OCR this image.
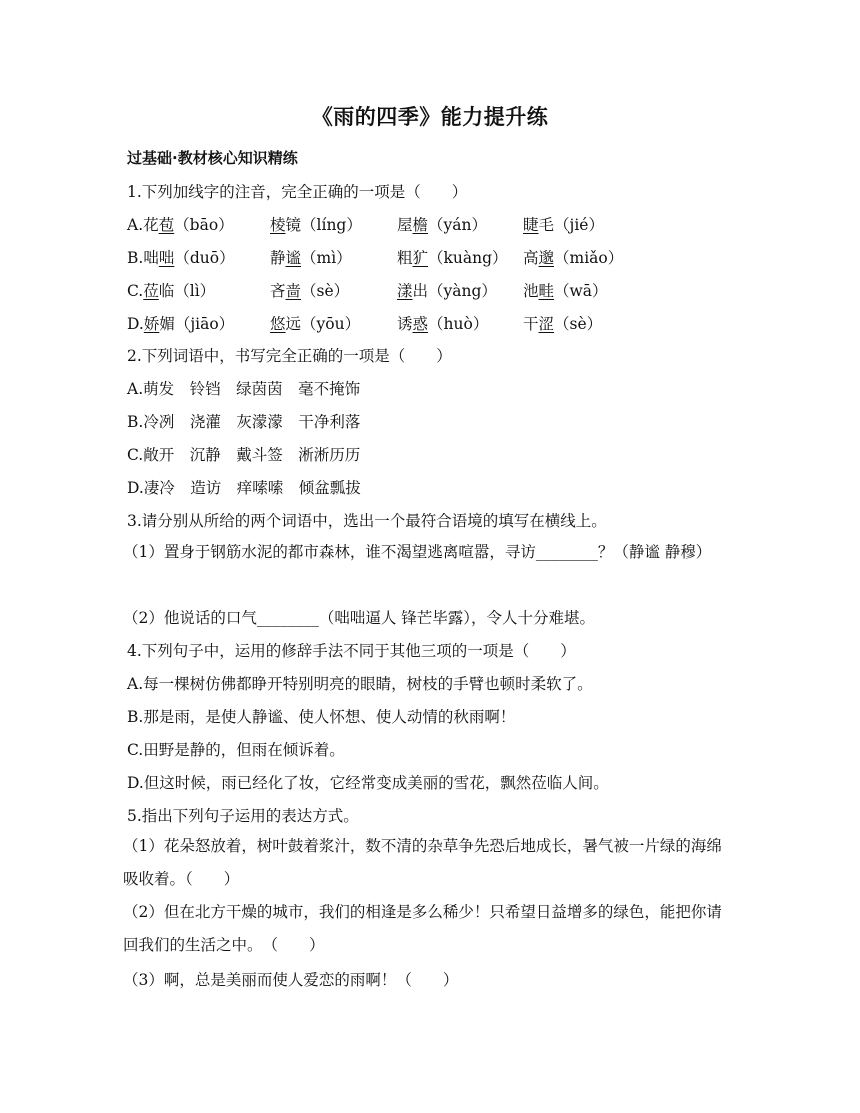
《雨的四季》能力提升练
过基础·教材核心知识精练
1.下列加线字的注音，完全正确的一项是（　　）
A.花苞（bāo） 棱镜（líng） 屋檐（yán） 睫毛（jié）
B.咄咄（duō） 静谧（mì）	粗犷（kuàng） 高邈（miǎo）
C.莅临（lì）	吝啬（sè）	漾出（yàng） 池畦（wā）
D.娇媚（jiāo） 悠远（yōu） 诱惑（huò） 干涩（sè）
2.下列词语中，书写完全正确的一项是（　　）
A.萌发　铃铛　绿茵茵　毫不掩饰
B.冷冽　浇灌　灰濛濛　干净利落
C.敞开　沉静　戴斗签　淅淅历历
D.凄冷　造访　痒嗦嗦　倾盆瓢拔
3.请分别从所给的两个词语中，选出一个最符合语境的填写在横线上。
（1）置身于钢筋水泥的都市森林，谁不渴望逃离喧嚣，寻访________？（静谧 静穆）
（2）他说话的口气________（咄咄逼人 锋芒毕露），令人十分难堪。
4.下列句子中，运用的修辞手法不同于其他三项的一项是（　　）
A.每一棵树仿佛都睁开特别明亮的眼睛，树枝的手臂也顿时柔软了。
B.那是雨，是使人静谧、使人怀想、使人动情的秋雨啊！
C.田野是静的，但雨在倾诉着。
D.但这时候，雨已经化了妆，它经常变成美丽的雪花，飘然莅临人间。
5.指出下列句子运用的表达方式。
（1）花朵怒放着，树叶鼓着浆汁，数不清的杂草争先恐后地成长，暑气被一片绿的海绵吸收着。（　　）
（2）但在北方干燥的城市，我们的相逢是多么稀少！只希望日益增多的绿色，能把你请回我们的生活之中。　（　　）
（3）啊，总是美丽而使人爱恋的雨啊！（　　）
